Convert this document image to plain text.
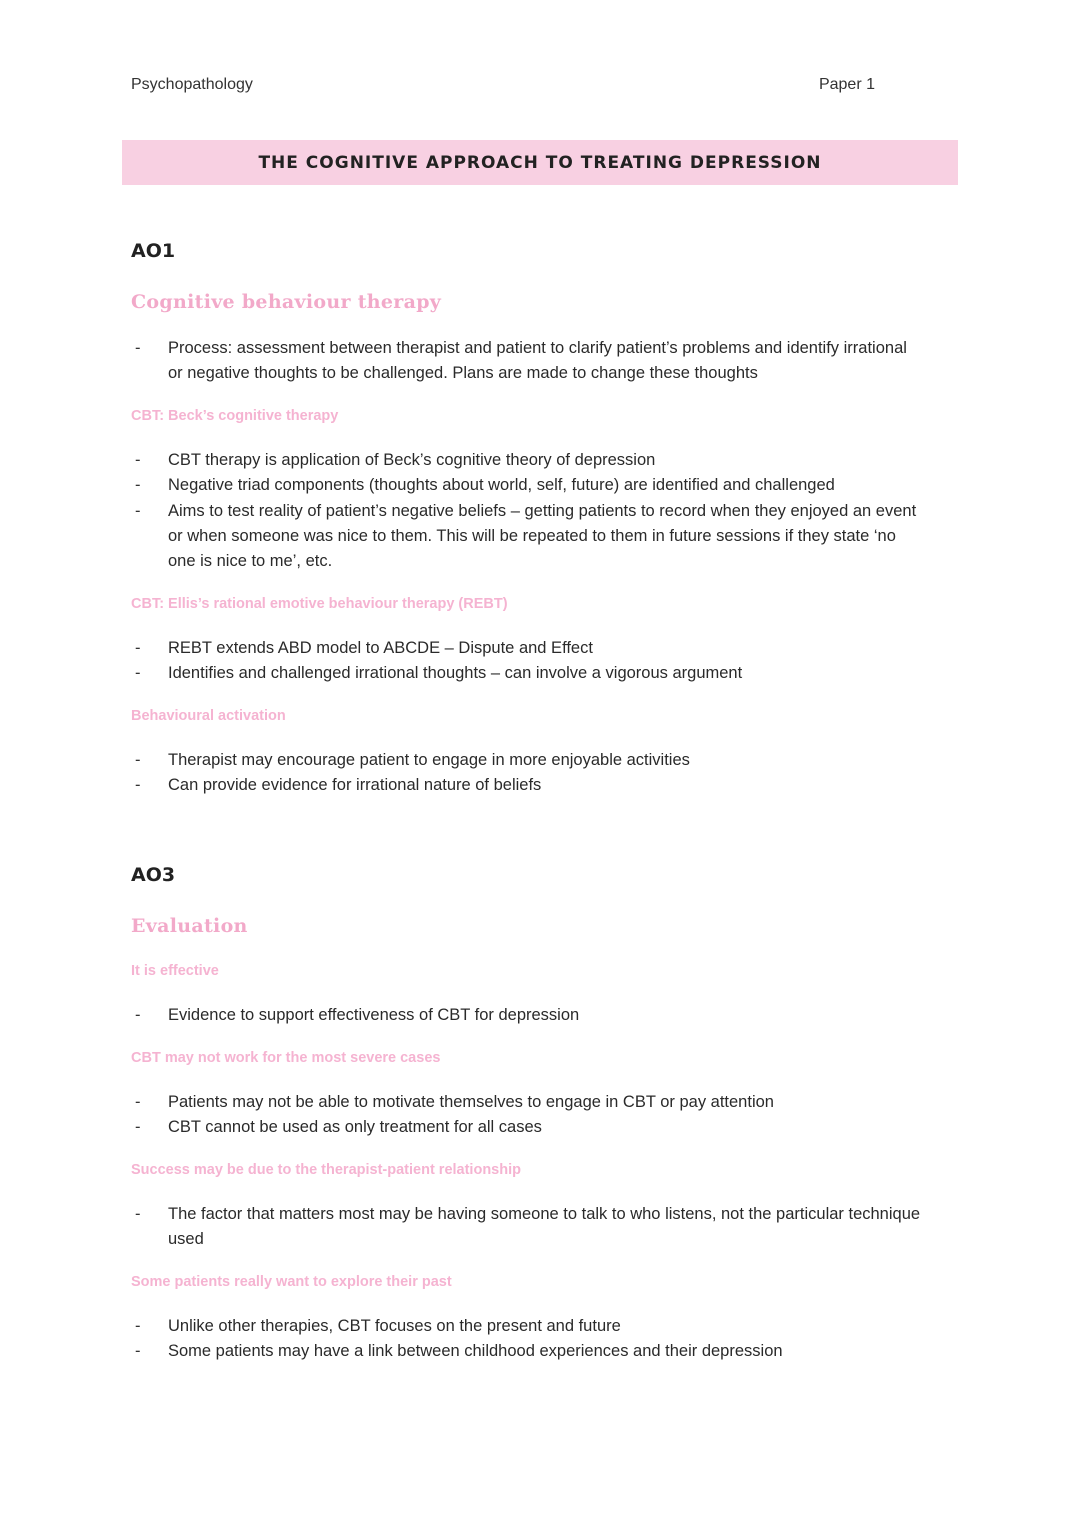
Psychopathology	Paper 1
THE COGNITIVE APPROACH TO TREATING DEPRESSION
AO1
Cognitive behaviour therapy
- Process: assessment between therapist and patient to clarify patient’s problems and identify irrational or negative thoughts to be challenged. Plans are made to change these thoughts
CBT: Beck’s cognitive therapy
- CBT therapy is application of Beck’s cognitive theory of depression
- Negative triad components (thoughts about world, self, future) are identified and challenged
- Aims to test reality of patient’s negative beliefs – getting patients to record when they enjoyed an event or when someone was nice to them. This will be repeated to them in future sessions if they state ‘no one is nice to me’, etc.
CBT: Ellis’s rational emotive behaviour therapy (REBT)
- REBT extends ABD model to ABCDE – Dispute and Effect
- Identifies and challenged irrational thoughts – can involve a vigorous argument
Behavioural activation
- Therapist may encourage patient to engage in more enjoyable activities
- Can provide evidence for irrational nature of beliefs
AO3
Evaluation
It is effective
- Evidence to support effectiveness of CBT for depression
CBT may not work for the most severe cases
- Patients may not be able to motivate themselves to engage in CBT or pay attention
- CBT cannot be used as only treatment for all cases
Success may be due to the therapist-patient relationship
- The factor that matters most may be having someone to talk to who listens, not the particular technique used
Some patients really want to explore their past
- Unlike other therapies, CBT focuses on the present and future
- Some patients may have a link between childhood experiences and their depression
